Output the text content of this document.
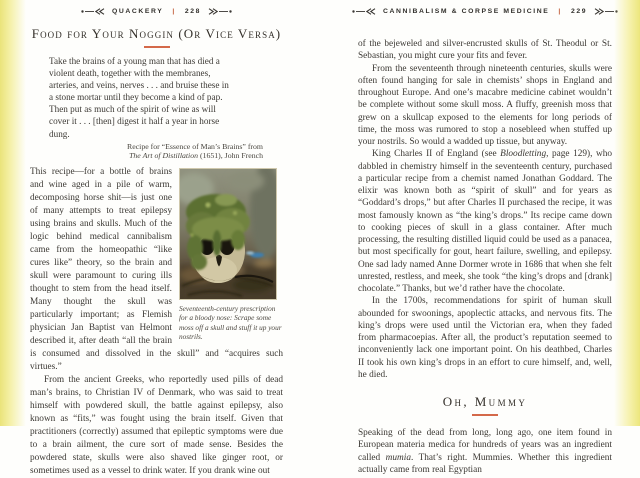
QUACKERY | 228
Food for Your Noggin (Or Vice Versa)
Take the brains of a young man that has died a violent death, together with the membranes, arteries, and veins, nerves . . . and bruise these in a stone mortar until they become a kind of pap. Then put as much of the spirit of wine as will cover it . . . [then] digest it half a year in horse dung.
Recipe for “Essence of Man’s Brains” from
The Art of Distillation (1651), John French
Seventeenth-century prescription for a bloody nose: Scrape some moss off a skull and stuff it up your nostrils.

This recipe—for a bottle of brains and wine aged in a pile of warm, decomposing horse shit—is just one of many attempts to treat epilepsy using brains and skulls. Much of the logic behind medical cannibalism came from the homeopathic “like cures like” theory, so the brain and skull were paramount to curing ills thought to stem from the head itself. Many thought the skull was particularly important; as Flemish physician Jan Baptist van Helmont described it, after death “all the brain is consumed and dissolved in the skull” and “acquires such virtues.”

From the ancient Greeks, who reportedly used pills of dead man’s brains, to Christian IV of Denmark, who was said to treat himself with powdered skull, the battle against epilepsy, also known as “fits,” was fought using the brain itself. Given that practitioners (correctly) assumed that epileptic symptoms were due to a brain ailment, the cure sort of made sense. Besides the powdered state, skulls were also shaved like ginger root, or sometimes used as a vessel to drink water. If you drank wine out

CANNIBALISM & CORPSE MEDICINE | 229

of the bejeweled and silver-encrusted skulls of St. Theodul or St. Sebastian, you might cure your fits and fever.

From the seventeenth through nineteenth centuries, skulls were often found hanging for sale in chemists’ shops in England and throughout Europe. And one’s macabre medicine cabinet wouldn’t be complete without some skull moss. A fluffy, greenish moss that grew on a skullcap exposed to the elements for long periods of time, the moss was rumored to stop a nosebleed when stuffed up your nostrils. So would a wadded up tissue, but anyway.

King Charles II of England (see Bloodletting, page 129), who dabbled in chemistry himself in the seventeenth century, purchased a particular recipe from a chemist named Jonathan Goddard. The elixir was known both as “spirit of skull” and for years as “Goddard’s drops,” but after Charles II purchased the recipe, it was most famously known as “the king’s drops.” Its recipe came down to cooking pieces of skull in a glass container. After much processing, the resulting distilled liquid could be used as a panacea, but most specifically for gout, heart failure, swelling, and epilepsy. One sad lady named Anne Dormer wrote in 1686 that when she felt unrested, restless, and meek, she took “the king’s drops and [drank] chocolate.” Thanks, but we’d rather have the chocolate.

In the 1700s, recommendations for spirit of human skull abounded for swoonings, apoplectic attacks, and nervous fits. The king’s drops were used until the Victorian era, when they faded from pharmacoepias. After all, the product’s reputation seemed to inconveniently lack one important point. On his deathbed, Charles II took his own king’s drops in an effort to cure himself, and, well, he died.

Oh, Mummy

Speaking of the dead from long, long ago, one item found in European materia medica for hundreds of years was an ingredient called mumia. That’s right. Mummies. Whether this ingredient actually came from real Egyptian
